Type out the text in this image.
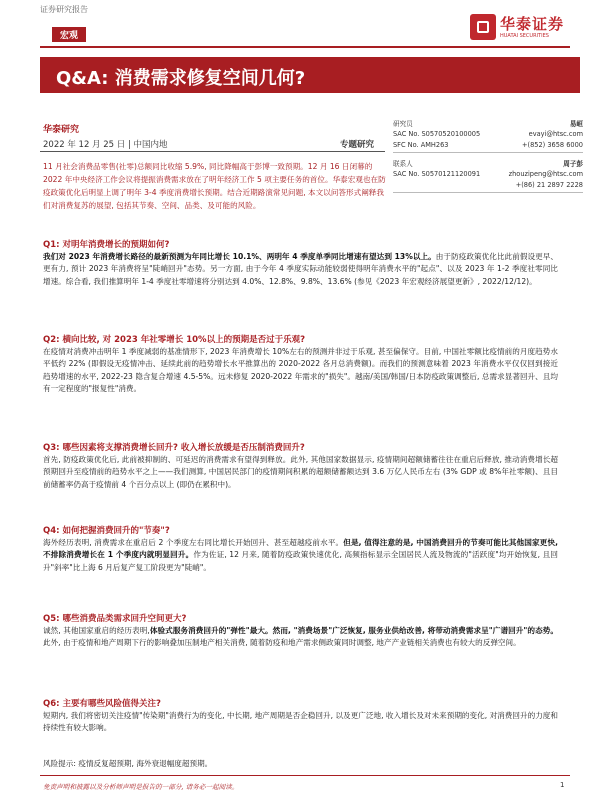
证券研究报告
宏观
华泰证券
HUATAI SECURITIES
Q&A: 消费需求修复空间几何?
华泰研究
2022 年 12 月 25 日 | 中国内地	专题研究
研究员	易峘
SAC No. S0570520100005	evayi@htsc.com
SFC No. AMH263	+(852) 3658 6000
联系人	周子彭
SAC No. S0570121120091	zhouzipeng@htsc.com
+(86) 21 2897 2228
11 月社会消费品零售(社零)总额同比收缩 5.9%, 同比降幅高于彭博一致预期。12 月 16 日闭幕的 2022 年中央经济工作会议将提振消费需求放在了明年经济工作 5 项主要任务的首位。华泰宏观也在防疫政策优化后明显上调了明年 3-4 季度消费增长预期。结合近期路演常见问题, 本文以问答形式阐释我们对消费复苏的展望, 包括其节奏、空间、品类、及可能的风险。
Q1: 对明年消费增长的预期如何?
我们对 2023 年消费增长路径的最新预测为年同比增长 10.1%、两明年 4 季度单季同比增速有望达到 13%以上。由于防疫政策优化比此前假设更早、更有力, 预计 2023 年消费将呈"陡峭回升"态势。另一方面, 由于今年 4 季度实际动能较弱使得明年消费水平的"起点"、以及 2023 年 1-2 季度社零同比增速。综合看, 我们推算明年 1-4 季度社零增速将分别达到 4.0%、12.8%、9.8%、13.6% (参见《2023 年宏观经济展望更新》, 2022/12/12)。
Q2: 横向比较, 对 2023 年社零增长 10%以上的预期是否过于乐观?
在疫情对消费冲击明年 1 季度减弱的基准情形下, 2023 年消费增长 10%左右的预测并非过于乐观, 甚至偏保守。目前, 中国社零额比疫情前的月度趋势水平低约 22% (即假设无疫情冲击、延续此前的趋势增长水平推算出的 2020-2022 各月总消费额)。而我们的预测意味着 2023 年消费水平仅仅回到接近趋势增速的水平, 2022-23 隐含复合增速 4.5-5%。远未修复 2020-2022 年需求的"损失"。越南/美国/韩国/日本防疫政策调整后, 总需求显著回升、且均有一定程度的"报复性"消费。
Q3: 哪些因素将支撑消费增长回升? 收入增长放缓是否压制消费回升?
首先, 防疫政策优化后, 此前被抑制的、可延迟的消费需求有望得到释放。此外, 其他国家数据显示, 疫情期间超额储蓄往往在重启后释放, 推动消费增长超预期回升至疫情前的趋势水平之上——我们测算, 中国居民部门的疫情期间积累的超额储蓄额达到 3.6 万亿人民币左右 (3% GDP 或 8%年社零额)、且目前储蓄率仍高于疫情前 4 个百分点以上 (即仍在累积中)。
Q4: 如何把握消费回升的"节奏"?
海外经历表明, 消费需求在重启后 2 个季度左右同比增长开始回升、甚至超越疫前水平。但是, 值得注意的是, 中国消费回升的节奏可能比其他国家更快, 不排除消费增长在 1 个季度内就明显回升。作为佐证, 12 月来, 随着防疫政策快速优化, 高频指标显示全国居民人流及物流的"活跃度"均开始恢复, 且回升"斜率"比上海 6 月后复产复工阶段更为"陡峭"。
Q5: 哪些消费品类需求回升空间更大?
诚然, 其他国家重启的经历表明,体验式服务消费回升的"弹性"最大。然而, "消费场景"广泛恢复, 服务业供给改善, 将带动消费需求呈"广谱回升"的态势。此外, 由于疫情和地产周期下行的影响叠加压制地产相关消费, 随着防疫和地产需求侧政策同时调整, 地产产业链相关消费也有较大的反弹空间。
Q6: 主要有哪些风险值得关注?
短期内, 我们将密切关注疫情"传染期"消费行为的变化, 中长期, 地产周期是否企稳回升, 以及更广泛地, 收入增长及对未来预期的变化, 对消费回升的力度和持续性有较大影响。
风险提示: 疫情反复超预期, 海外衰退幅度超预期。
免责声明和披露以及分析师声明是报告的一部分, 请务必一起阅读。	1
